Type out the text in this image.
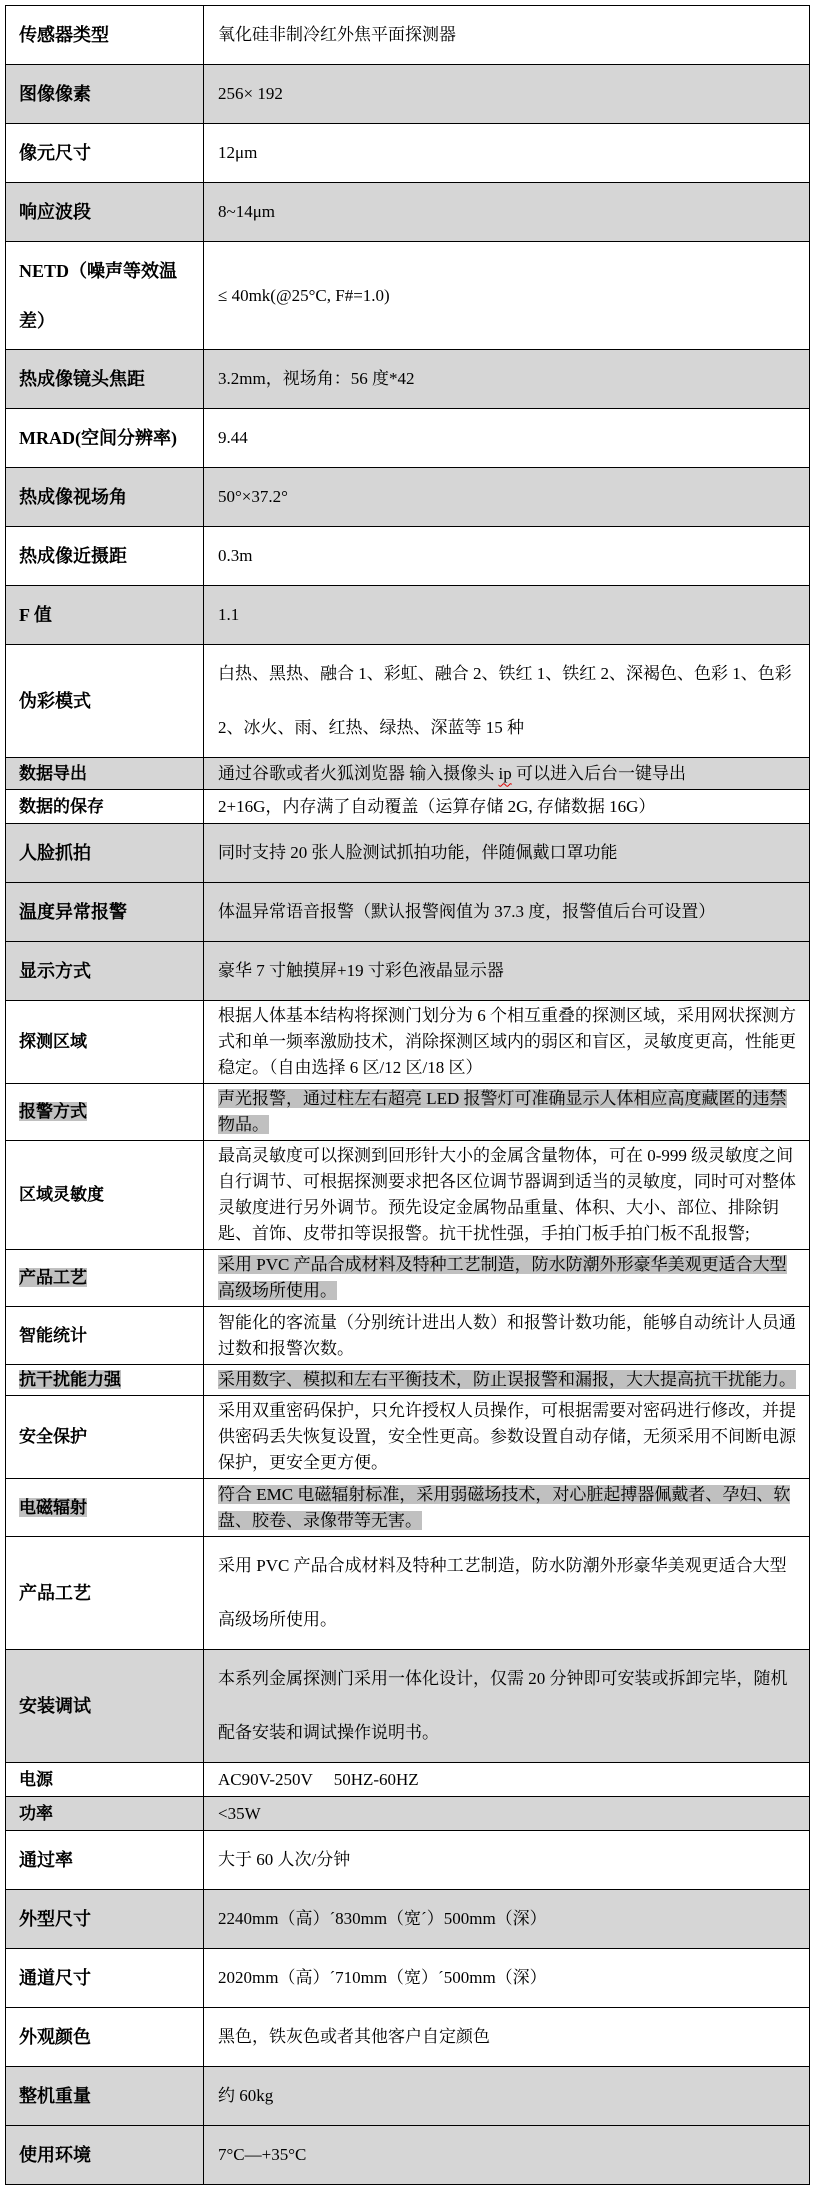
传感器类型	氧化硅非制冷红外焦平面探测器
图像像素	256× 192
像元尺寸	12μm
响应波段	8~14μm
NETD（噪声等效温差）	≤ 40mk(@25°C, F#=1.0)
热成像镜头焦距	3.2mm，视场角：56 度*42
MRAD(空间分辨率)	9.44
热成像视场角	50°×37.2°
热成像近摄距	0.3m
F 值	1.1
伪彩模式	白热、黑热、融合 1、彩虹、融合 2、铁红 1、铁红 2、深褐色、色彩 1、色彩 2、冰火、雨、红热、绿热、深蓝等 15 种
数据导出	通过谷歌或者火狐浏览器 输入摄像头 ip 可以进入后台一键导出
数据的保存	2+16G，内存满了自动覆盖（运算存储 2G, 存储数据 16G）
人脸抓拍	同时支持 20 张人脸测试抓拍功能，伴随佩戴口罩功能
温度异常报警	体温异常语音报警（默认报警阀值为 37.3 度，报警值后台可设置）
显示方式	豪华 7 寸触摸屏+19 寸彩色液晶显示器
探测区域	根据人体基本结构将探测门划分为 6 个相互重叠的探测区域，采用网状探测方式和单一频率激励技术，消除探测区域内的弱区和盲区，灵敏度更高，性能更稳定。（自由选择 6 区/12 区/18 区）
报警方式	声光报警，通过柱左右超亮 LED 报警灯可准确显示人体相应高度藏匿的违禁物品。
区域灵敏度	最高灵敏度可以探测到回形针大小的金属含量物体，可在 0-999 级灵敏度之间自行调节、可根据探测要求把各区位调节器调到适当的灵敏度，同时可对整体灵敏度进行另外调节。预先设定金属物品重量、体积、大小、部位、排除钥匙、首饰、皮带扣等误报警。抗干扰性强，手拍门板手拍门板不乱报警;
产品工艺	采用 PVC 产品合成材料及特种工艺制造，防水防潮外形豪华美观更适合大型高级场所使用。
智能统计	智能化的客流量（分别统计进出人数）和报警计数功能，能够自动统计人员通过数和报警次数。
抗干扰能力强	采用数字、模拟和左右平衡技术，防止误报警和漏报，大大提高抗干扰能力。
安全保护	采用双重密码保护，只允许授权人员操作，可根据需要对密码进行修改，并提供密码丢失恢复设置，安全性更高。参数设置自动存储，无须采用不间断电源保护，更安全更方便。
电磁辐射	符合 EMC 电磁辐射标准，采用弱磁场技术，对心脏起搏器佩戴者、孕妇、软盘、胶卷、录像带等无害。
产品工艺	采用 PVC 产品合成材料及特种工艺制造，防水防潮外形豪华美观更适合大型高级场所使用。
安装调试	本系列金属探测门采用一体化设计，仅需 20 分钟即可安装或拆卸完毕，随机配备安装和调试操作说明书。
电源	AC90V-250V　 50HZ-60HZ
功率	<35W
通过率	大于 60 人次/分钟
外型尺寸	2240mm（高）´830mm（宽´）500mm（深）
通道尺寸	2020mm（高）´710mm（宽）´500mm（深）
外观颜色	黑色，铁灰色或者其他客户自定颜色
整机重量	约 60kg
使用环境	7°C—+35°C
